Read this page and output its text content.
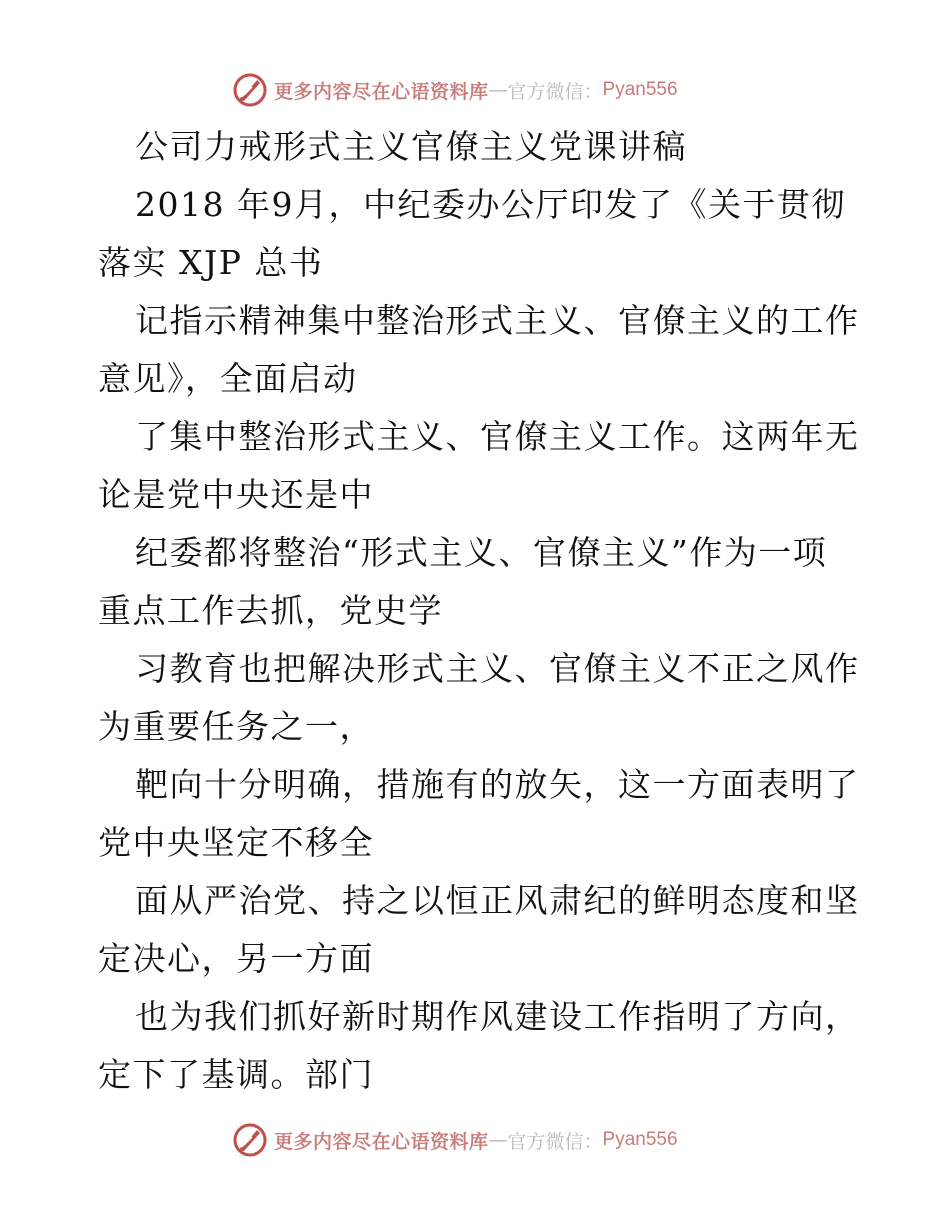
更多内容尽在心语资料库 — 官方微信： Pyan556
公司力戒形式主义官僚主义党课讲稿
2018 年9月，中纪委办公厅印发了《关于贯彻
落实 XJP 总书
记指示精神集中整治形式主义、官僚主义的工作
意见》，全面启动
了集中整治形式主义、官僚主义工作。这两年无
论是党中央还是中
纪委都将整治“形式主义、官僚主义”作为一项
重点工作去抓，党史学
习教育也把解决形式主义、官僚主义不正之风作
为重要任务之一，
靶向十分明确，措施有的放矢，这一方面表明了
党中央坚定不移全
面从严治党、持之以恒正风肃纪的鲜明态度和坚
定决心，另一方面
也为我们抓好新时期作风建设工作指明了方向，
定下了基调。部门
更多内容尽在心语资料库 — 官方微信： Pyan556
